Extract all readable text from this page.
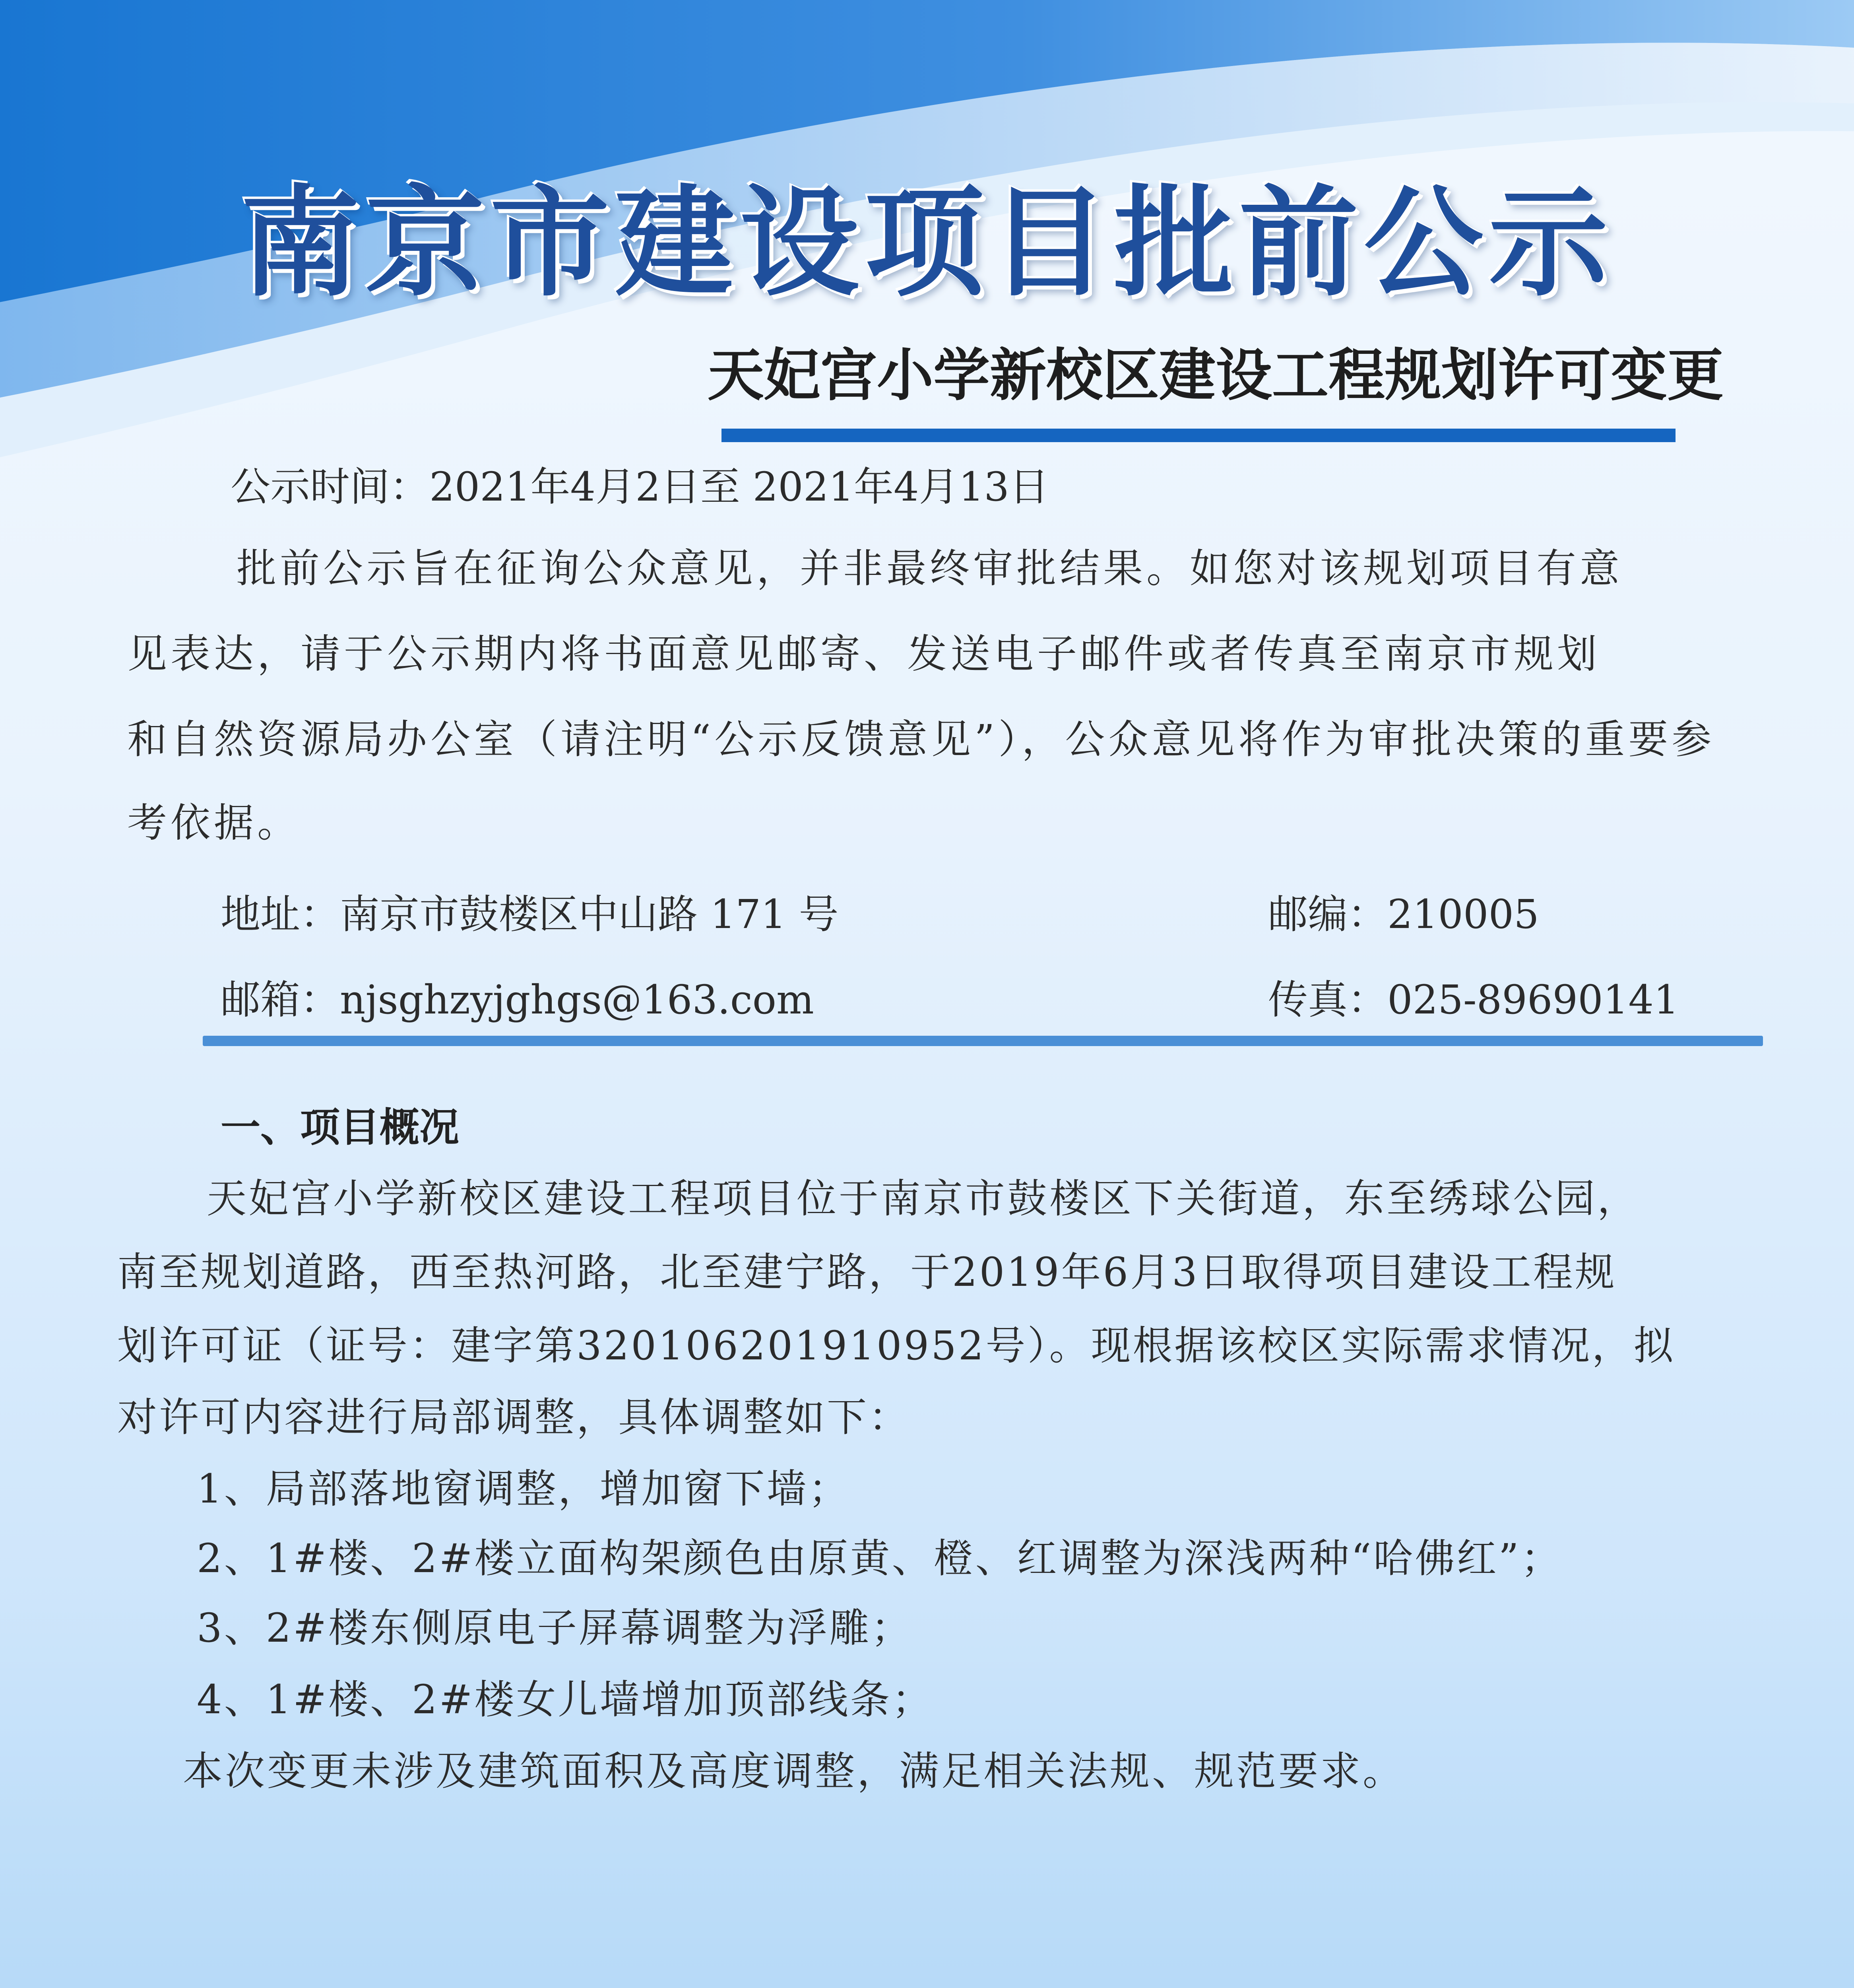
南京市建设项目批前公示
天妃宫小学新校区建设工程规划许可变更
公示时间：2021年4月2日至 2021年4月13日
批前公示旨在征询公众意见，并非最终审批结果。如您对该规划项目有意
见表达，请于公示期内将书面意见邮寄、发送电子邮件或者传真至南京市规划
和自然资源局办公室（请注明“公示反馈意见”），公众意见将作为审批决策的重要参
考依据。
地址：南京市鼓楼区中山路 171 号	邮编：210005
邮箱：njsghzyjghgs@163.com	传真：025-89690141
一、项目概况
天妃宫小学新校区建设工程项目位于南京市鼓楼区下关街道，东至绣球公园，
南至规划道路，西至热河路，北至建宁路，于2019年6月3日取得项目建设工程规
划许可证（证号：建字第320106201910952号）。现根据该校区实际需求情况，拟
对许可内容进行局部调整，具体调整如下：
1、局部落地窗调整，增加窗下墙；
2、1#楼、2#楼立面构架颜色由原黄、橙、红调整为深浅两种“哈佛红”；
3、2#楼东侧原电子屏幕调整为浮雕；
4、1#楼、2#楼女儿墙增加顶部线条；
本次变更未涉及建筑面积及高度调整，满足相关法规、规范要求。
